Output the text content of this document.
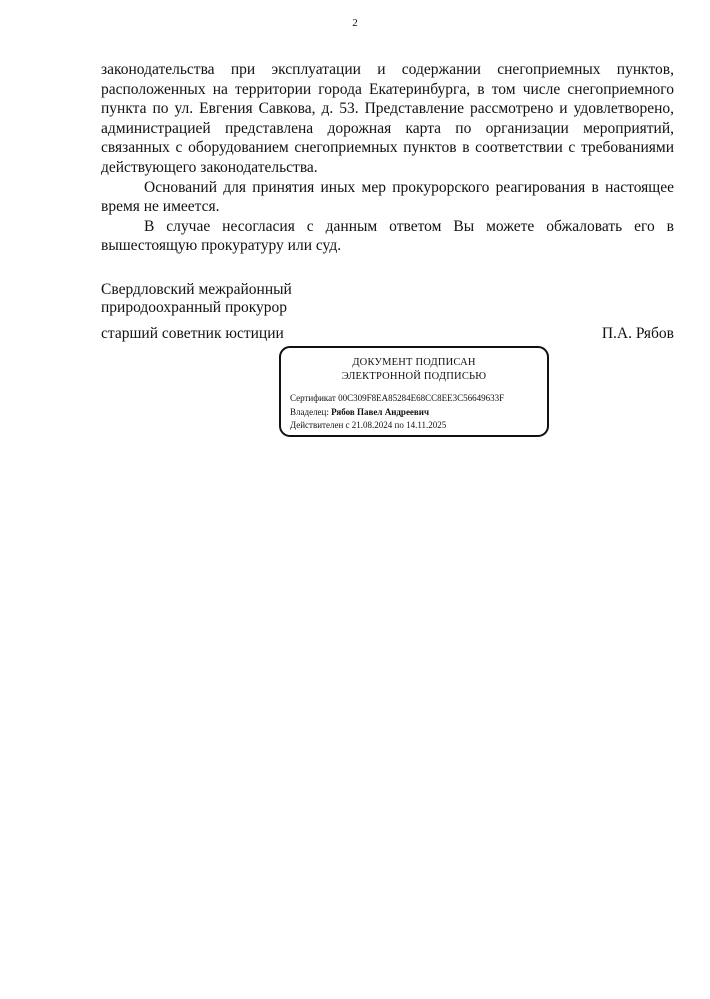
2

законодательства при эксплуатации и содержании снегоприемных пунктов, расположенных на территории города Екатеринбурга, в том числе снегоприемного пункта по ул. Евгения Савкова, д. 53. Представление рассмотрено и удовлетворено, администрацией представлена дорожная карта по организации мероприятий, связанных с оборудованием снегоприемных пунктов в соответствии с требованиями действующего законодательства.

Оснований для принятия иных мер прокурорского реагирования в настоящее время не имеется.

В случае несогласия с данным ответом Вы можете обжаловать его в вышестоящую прокуратуру или суд.

Свердловский межрайонный
природоохранный прокурор
старший советник юстиции	П.А. Рябов
ДОКУМЕНТ ПОДПИСАН
ЭЛЕКТРОННОЙ ПОДПИСЬЮ
Сертификат 00C309F8EA85284E68CC8EE3C56649633F
Владелец: Рябов Павел Андреевич
Действителен с 21.08.2024 по 14.11.2025
